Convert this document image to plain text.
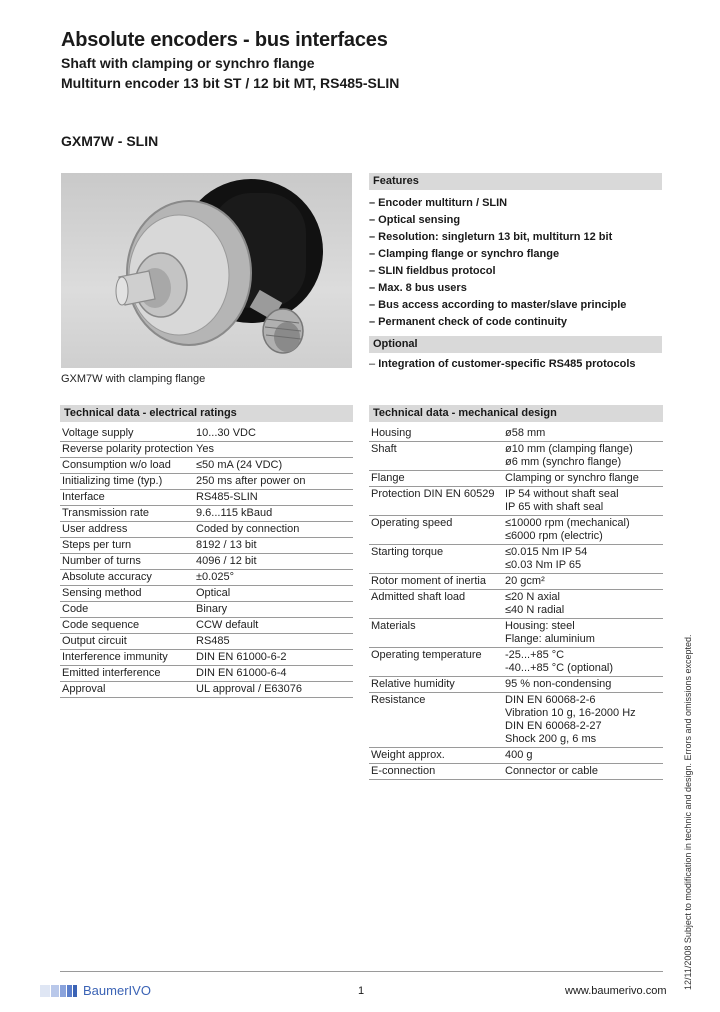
Absolute encoders - bus interfaces
Shaft with clamping or synchro flange
Multiturn encoder 13 bit ST / 12 bit MT, RS485-SLIN
GXM7W - SLIN
GXM7W with clamping flange
Features
– Encoder multiturn / SLIN
– Optical sensing
– Resolution: singleturn 13 bit, multiturn 12 bit
– Clamping flange or synchro flange
– SLIN fieldbus protocol
– Max. 8 bus users
– Bus access according to master/slave principle
– Permanent check of code continuity
Optional
– Integration of customer-specific RS485 protocols
Technical data - electrical ratings
Voltage supply	10...30 VDC
Reverse polarity protection	Yes
Consumption w/o load	≤50 mA (24 VDC)
Initializing time (typ.)	250 ms after power on
Interface	RS485-SLIN
Transmission rate	9.6...115 kBaud
User address	Coded by connection
Steps per turn	8192 / 13 bit
Number of turns	4096 / 12 bit
Absolute accuracy	±0.025°
Sensing method	Optical
Code	Binary
Code sequence	CCW default
Output circuit	RS485
Interference immunity	DIN EN 61000-6-2
Emitted interference	DIN EN 61000-6-4
Approval	UL approval / E63076
Technical data - mechanical design
Housing	ø58 mm

Shaft	ø10 mm (clamping flange)
ø6 mm (synchro flange)

Flange	Clamping or synchro flange

Protection DIN EN 60529	IP 54 without shaft seal
IP 65 with shaft seal

Operating speed	≤10000 rpm (mechanical)
≤6000 rpm (electric)

Starting torque	≤0.015 Nm IP 54
≤0.03 Nm IP 65

Rotor moment of inertia	20 gcm²

Admitted shaft load	≤20 N axial
≤40 N radial

Materials	Housing: steel
Flange: aluminium

Operating temperature	-25...+85 °C
-40...+85 °C (optional)

Relative humidity	95 % non-condensing

Resistance	DIN EN 60068-2-6
Vibration 10 g, 16-2000 Hz
DIN EN 60068-2-27
Shock 200 g, 6 ms

Weight approx.	400 g

E-connection	Connector or cable	12/11/2008 Subject to modification in technic and design. Errors and omissions excepted.
BaumerIVO	1	www.baumerivo.com
